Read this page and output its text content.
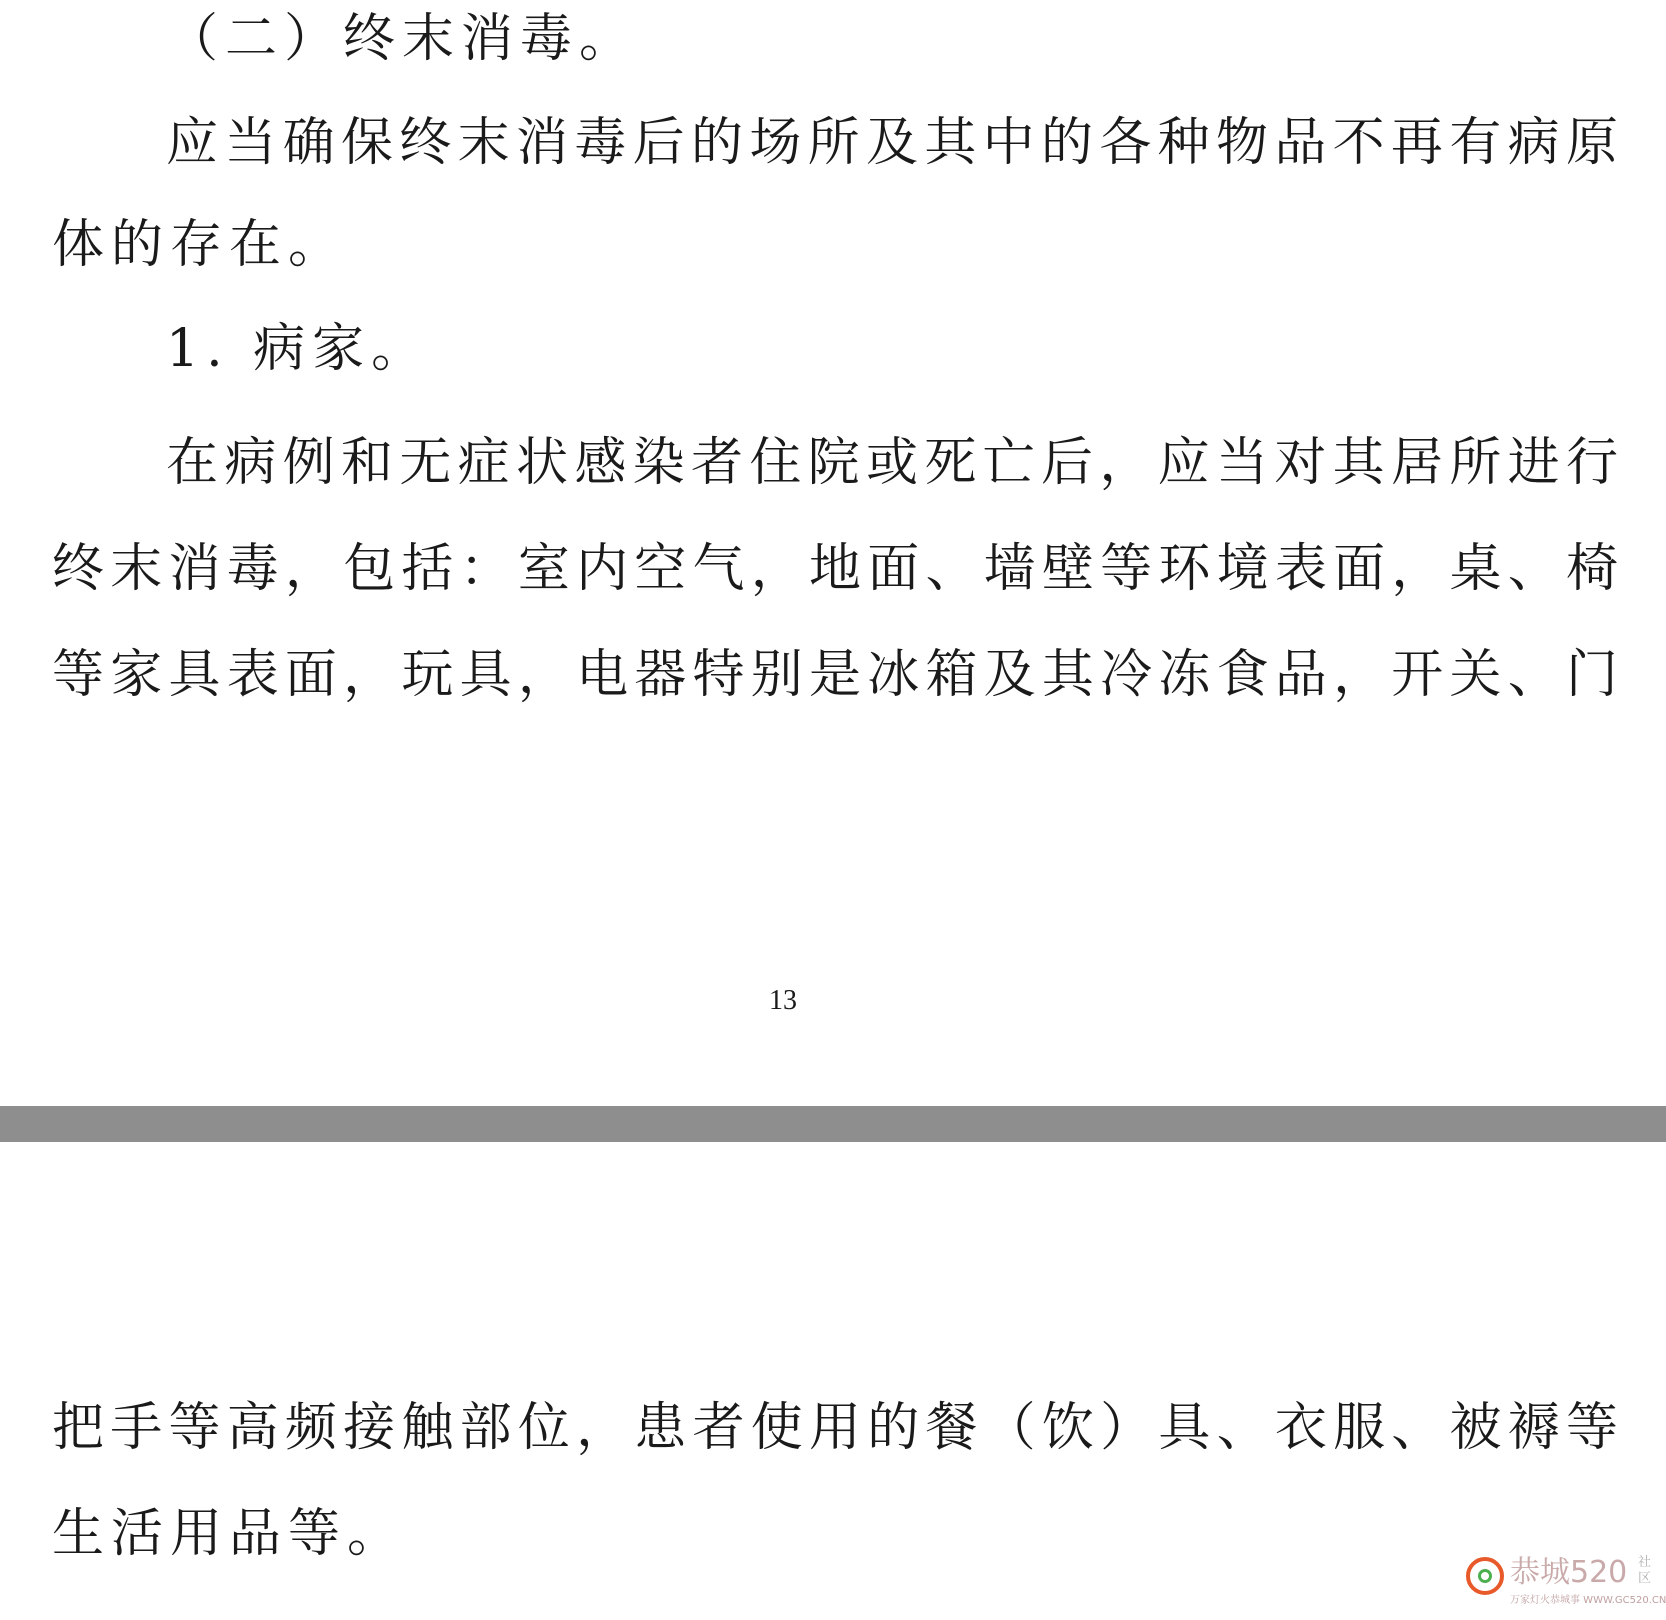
（二）终末消毒。
应当确保终末消毒后的场所及其中的各种物品不再有病原
体的存在。
1. 病家。
在病例和无症状感染者住院或死亡后，应当对其居所进行
终末消毒，包括：室内空气，地面、墙壁等环境表面，桌、椅
等家具表面，玩具，电器特别是冰箱及其冷冻食品，开关、门
13
把手等高频接触部位，患者使用的餐（饮）具、衣服、被褥等
生活用品等。
恭城520 社区
万家灯火恭城事 WWW.GC520.CN
